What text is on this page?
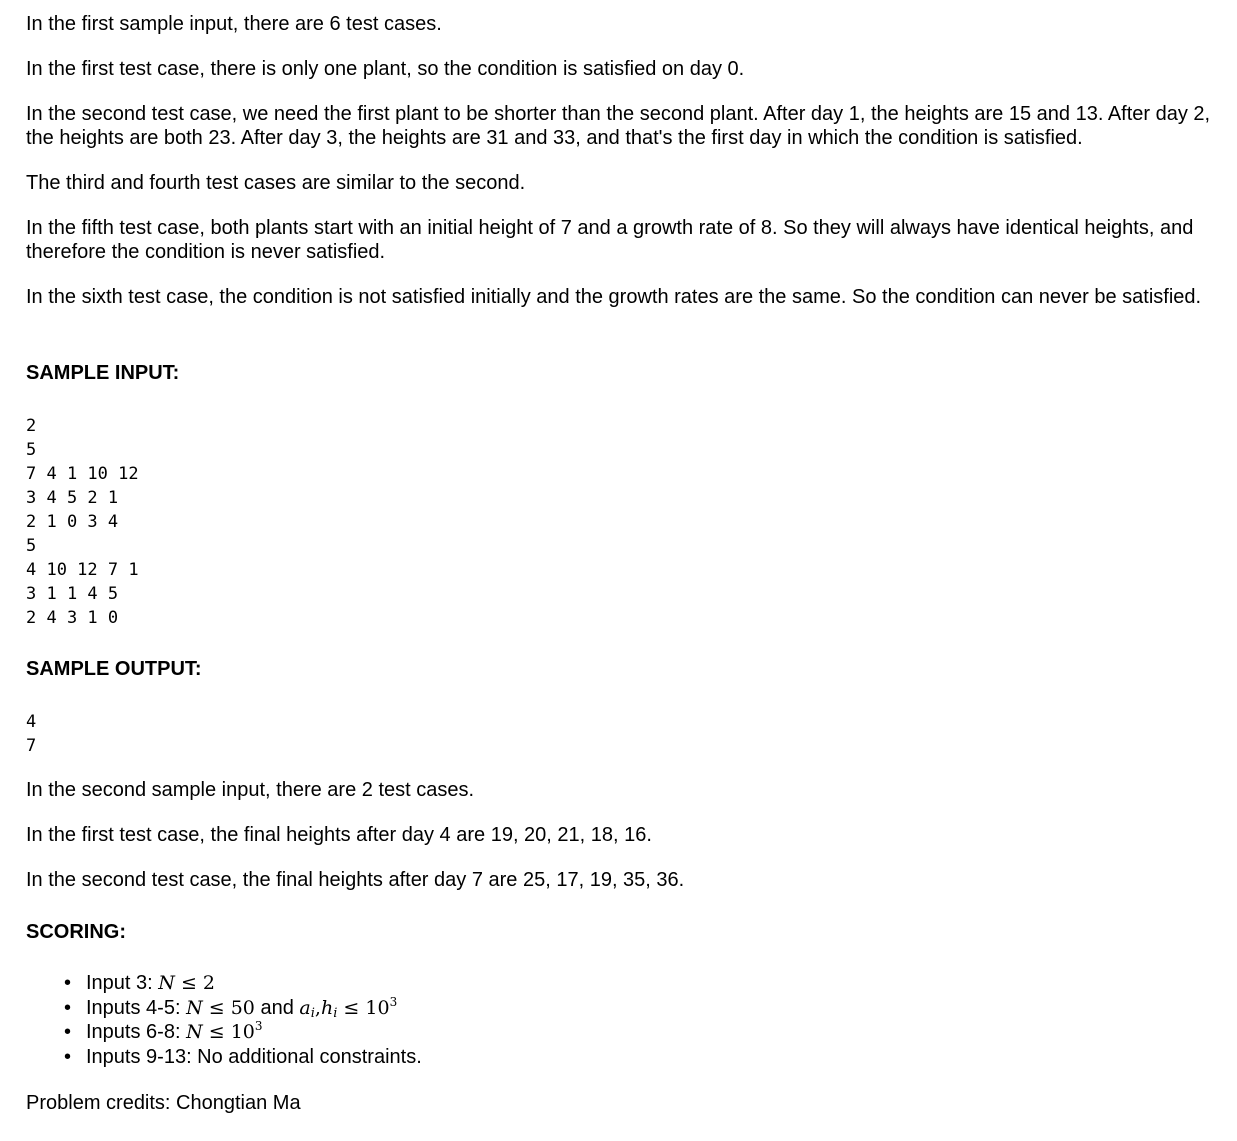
In the first sample input, there are 6 test cases.

In the first test case, there is only one plant, so the condition is satisfied on day 0.

In the second test case, we need the first plant to be shorter than the second plant. After day 1, the heights are 15 and 13. After day 2, the heights are both 23. After day 3, the heights are 31 and 33, and that's the first day in which the condition is satisfied.

The third and fourth test cases are similar to the second.

In the fifth test case, both plants start with an initial height of 7 and a growth rate of 8. So they will always have identical heights, and therefore the condition is never satisfied.

In the sixth test case, the condition is not satisfied initially and the growth rates are the same. So the condition can never be satisfied.

SAMPLE INPUT:
2
5
7 4 1 10 12
3 4 5 2 1
2 1 0 3 4
5
4 10 12 7 1
3 1 1 4 5
2 4 3 1 0
SAMPLE OUTPUT:
4
7

In the second sample input, there are 2 test cases.

In the first test case, the final heights after day 4 are 19, 20, 21, 18, 16.

In the second test case, the final heights after day 7 are 25, 17, 19, 35, 36.

SCORING:
• Input 3: N ≤ 2
• Inputs 4-5: N ≤ 50 and $a_i,h_i \le 10^3$
• Inputs 6-8: $N \le 10^3$
• Inputs 9-13: No additional constraints.

Problem credits: Chongtian Ma
